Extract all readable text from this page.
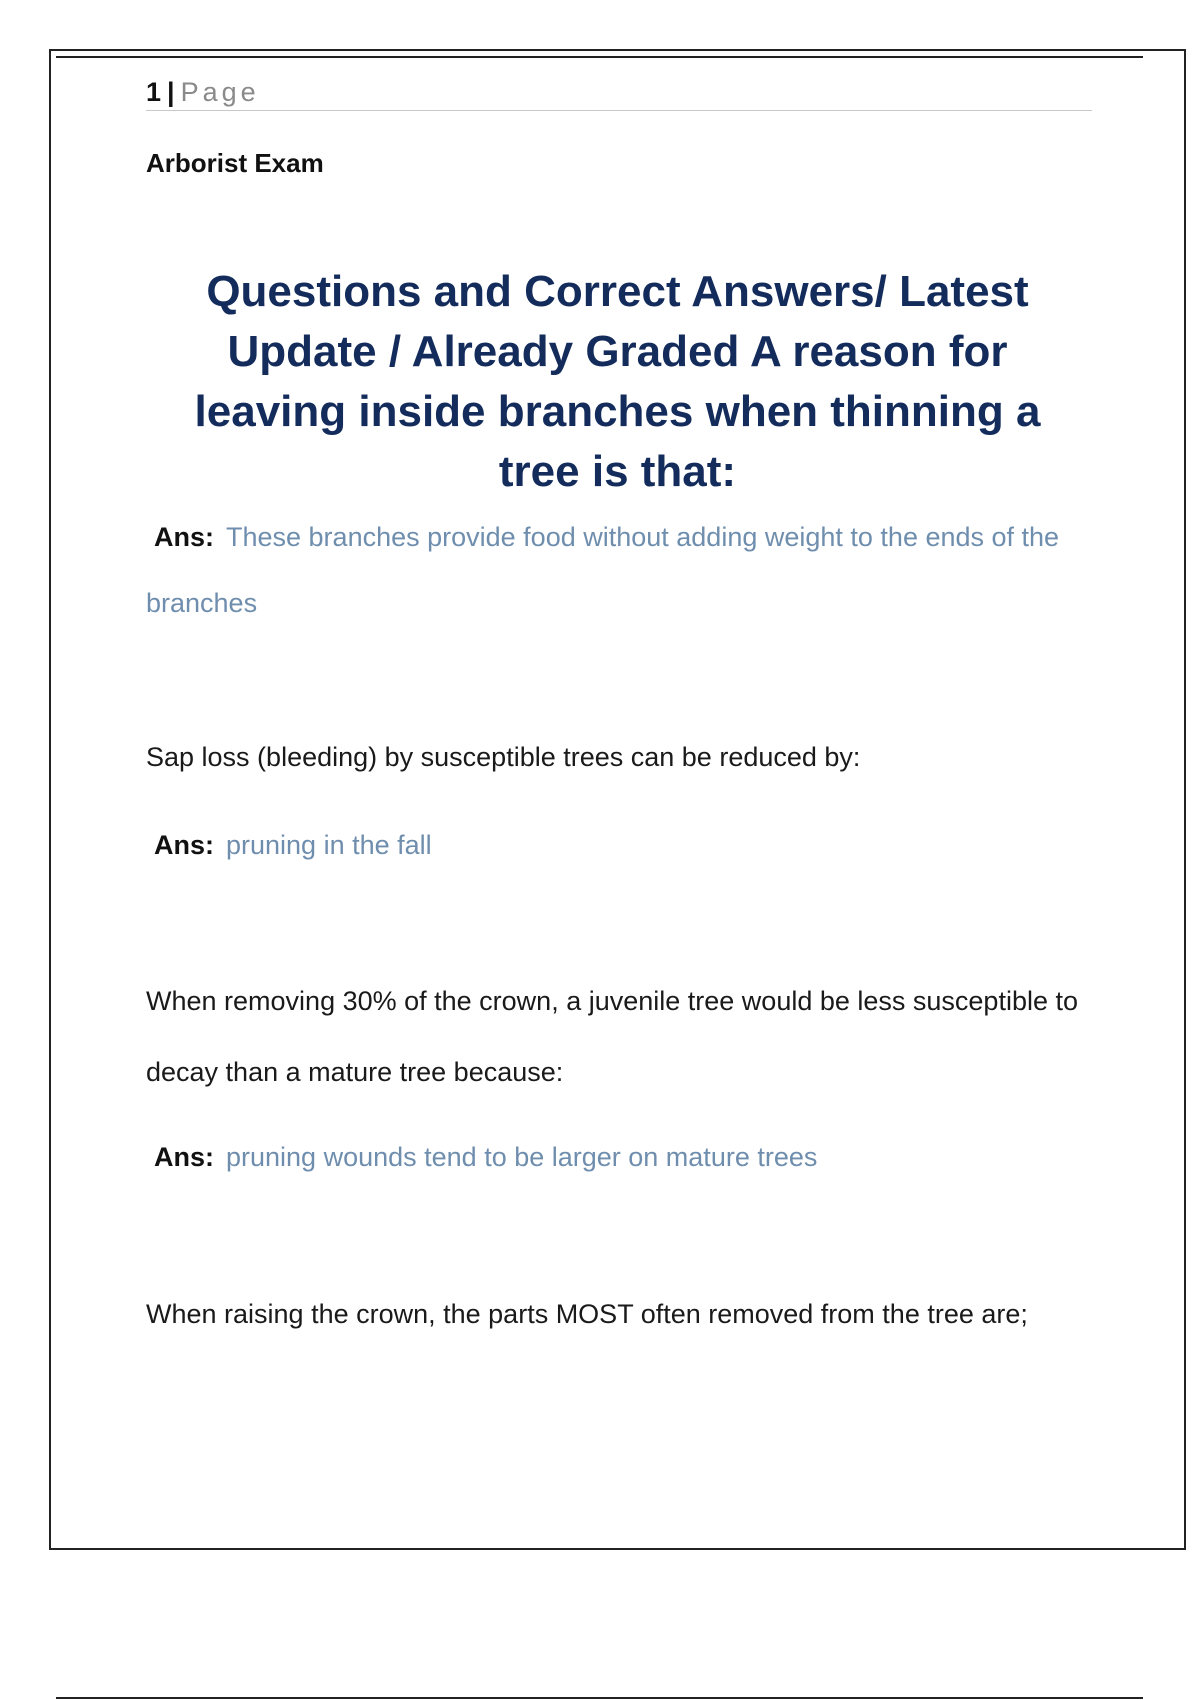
1 | Page
Arborist Exam
Questions and Correct Answers/ Latest Update / Already Graded A reason for leaving inside branches when thinning a tree is that:
Ans: These branches provide food without adding weight to the ends of the branches
Sap loss (bleeding) by susceptible trees can be reduced by:
Ans: pruning in the fall
When removing 30% of the crown, a juvenile tree would be less susceptible to decay than a mature tree because:
Ans: pruning wounds tend to be larger on mature trees
When raising the crown, the parts MOST often removed from the tree are;
